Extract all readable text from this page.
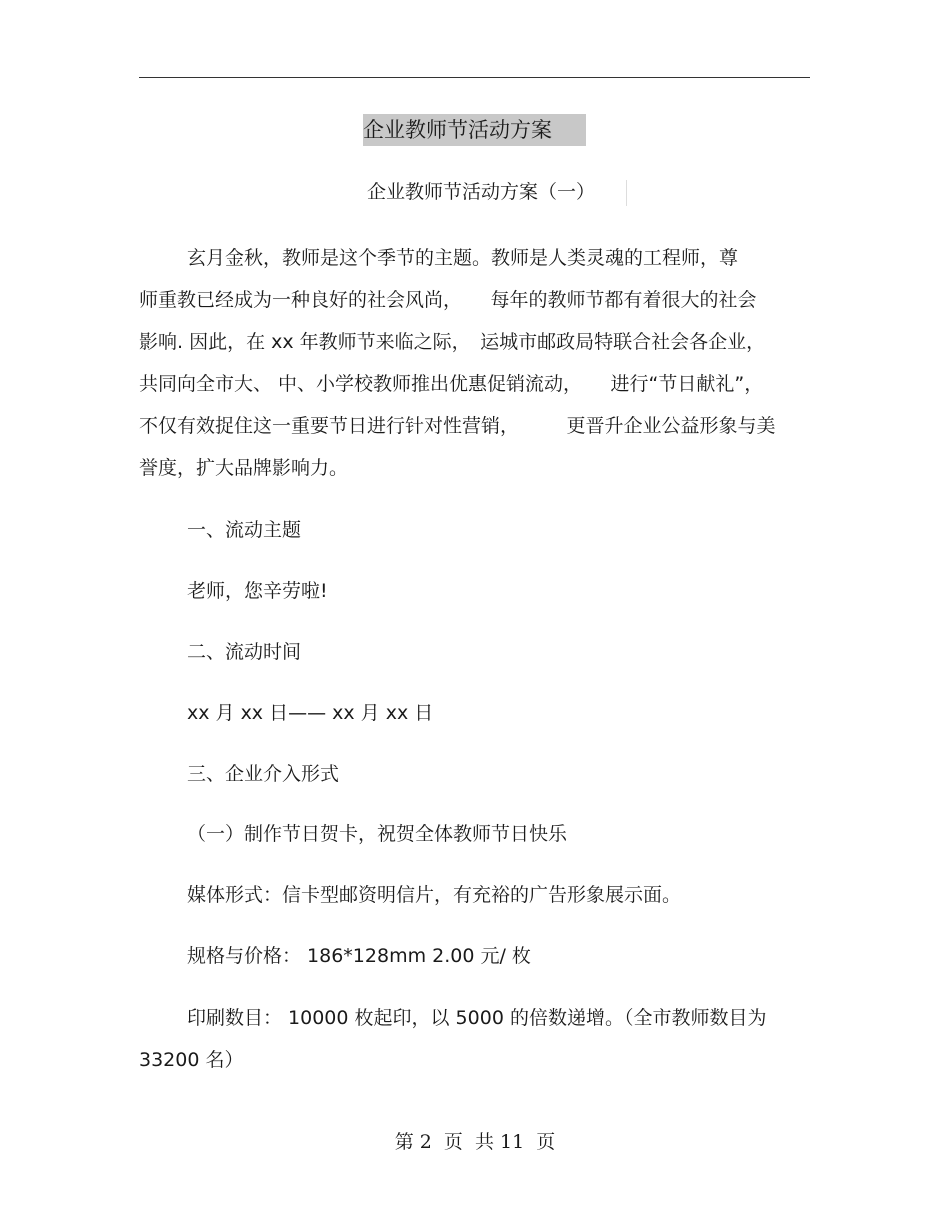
企业教师节活动方案
企业教师节活动方案（一）
玄月金秋，教师是这个季节的主题。教师是人类灵魂的工程师，尊
师重教已经成为一种良好的社会风尚，　　每年的教师节都有着很大的社会
影响. 因此，在 xx 年教师节来临之际，　运城市邮政局特联合社会各企业，
共同向全市大、 中、小学校教师推出优惠促销流动，　　进行“节日献礼”，
不仅有效捉住这一重要节日进行针对性营销，　　　更晋升企业公益形象与美
誉度，扩大品牌影响力。
一、流动主题
老师，您辛劳啦!
二、流动时间
xx 月 xx 日—— xx 月 xx 日
三、企业介入形式
（一）制作节日贺卡，祝贺全体教师节日快乐
媒体形式：信卡型邮资明信片，有充裕的广告形象展示面。
规格与价格： 186*128mm 2.00 元/ 枚
印刷数目： 10000 枚起印，以 5000 的倍数递增。（全市教师数目为
33200 名）
第 2  页  共 11  页
